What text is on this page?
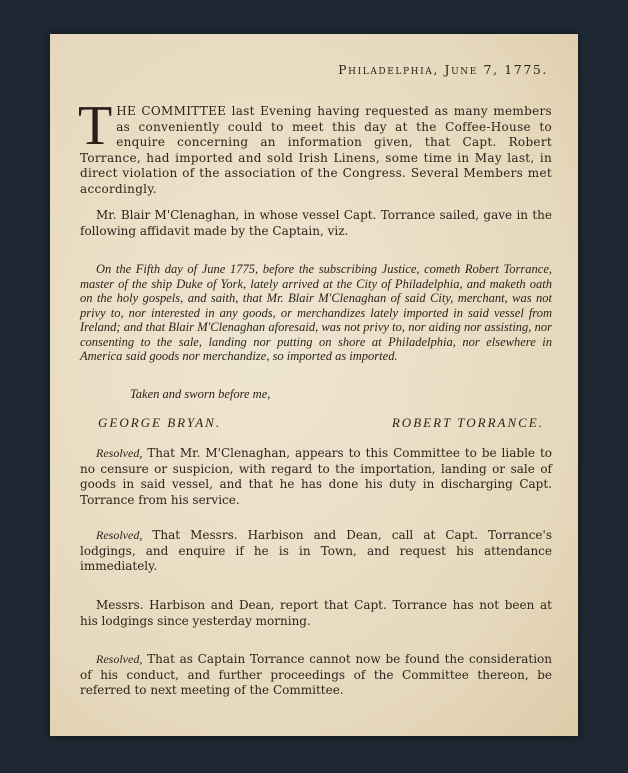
Philadelphia, June 7, 1775.
THE COMMITTEE last Evening having requested as many members as conveniently could to meet this day at the Coffee-House to enquire concerning an information given, that Capt. Robert Torrance, had imported and sold Irish Linens, some time in May last, in direct violation of the association of the Congress. Several Members met accordingly.
Mr. Blair M'Clenaghan, in whose vessel Capt. Torrance sailed, gave in the following affidavit made by the Captain, viz.
On the Fifth day of June 1775, before the subscribing Justice, cometh Robert Torrance, master of the ship Duke of York, lately arrived at the City of Philadelphia, and maketh oath on the holy gospels, and saith, that Mr. Blair M'Clenaghan of said City, merchant, was not privy to, nor interested in any goods, or merchandizes lately imported in said vessel from Ireland; and that Blair M'Clenaghan aforesaid, was not privy to, nor aiding nor assisting, nor consenting to the sale, landing nor putting on shore at Philadelphia, nor elsewhere in America said goods nor merchandize, so imported as imported.
Taken and sworn before me,
GEORGE BRYAN.	ROBERT TORRANCE.
Resolved, That Mr. M'Clenaghan, appears to this Committee to be liable to no censure or suspicion, with regard to the importation, landing or sale of goods in said vessel, and that he has done his duty in discharging Capt. Torrance from his service.
Resolved, That Messrs. Harbison and Dean, call at Capt. Torrance's lodgings, and enquire if he is in Town, and request his attendance immediately.
Messrs. Harbison and Dean, report that Capt. Torrance has not been at his lodgings since yesterday morning.
Resolved, That as Captain Torrance cannot now be found the consideration of his conduct, and further proceedings of the Committee thereon, be referred to next meeting of the Committee.
